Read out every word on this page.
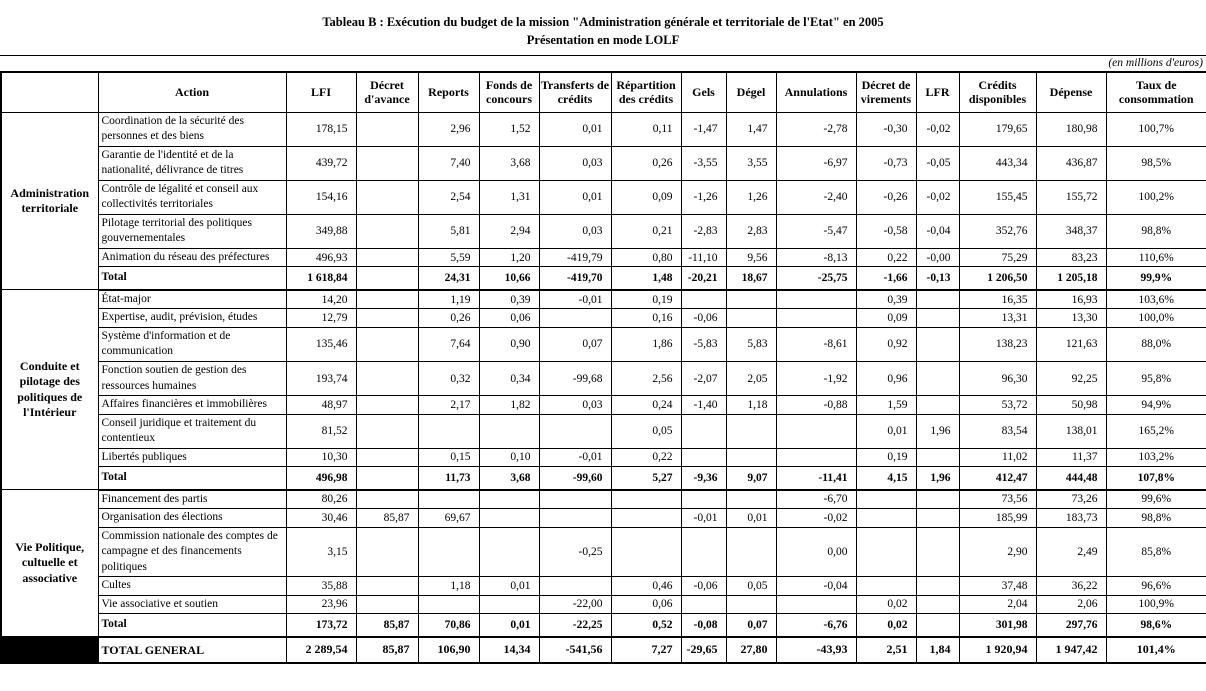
Tableau B : Exécution du budget de la mission "Administration générale et territoriale de l'Etat" en 2005
Présentation en mode LOLF
(en millions d'euros)
	Action	LFI	Décret d'avance	Reports	Fonds de concours	Transferts de crédits	Répartition des crédits	Gels	Dégel	Annulations	Décret de virements	LFR	Crédits disponibles	Dépense	Taux de consommation
Administration territoriale	Coordination de la sécurité des personnes et des biens	178,15		2,96	1,52	0,01	0,11	-1,47	1,47	-2,78	-0,30	-0,02	179,65	180,98	100,7%
	Garantie de l'identité et de la nationalité, délivrance de titres	439,72		7,40	3,68	0,03	0,26	-3,55	3,55	-6,97	-0,73	-0,05	443,34	436,87	98,5%
	Contrôle de légalité et conseil aux collectivités territoriales	154,16		2,54	1,31	0,01	0,09	-1,26	1,26	-2,40	-0,26	-0,02	155,45	155,72	100,2%
	Pilotage territorial des politiques gouvernementales	349,88		5,81	2,94	0,03	0,21	-2,83	2,83	-5,47	-0,58	-0,04	352,76	348,37	98,8%
	Animation du réseau des préfectures	496,93		5,59	1,20	-419,79	0,80	-11,10	9,56	-8,13	0,22	-0,00	75,29	83,23	110,6%
	Total	1 618,84		24,31	10,66	-419,70	1,48	-20,21	18,67	-25,75	-1,66	-0,13	1 206,50	1 205,18	99,9%
Conduite et pilotage des politiques de l'Intérieur	État-major	14,20		1,19	0,39	-0,01	0,19				0,39		16,35	16,93	103,6%
	Expertise, audit, prévision, études	12,79		0,26	0,06		0,16	-0,06			0,09		13,31	13,30	100,0%
	Système d'information et de communication	135,46		7,64	0,90	0,07	1,86	-5,83	5,83	-8,61	0,92		138,23	121,63	88,0%
	Fonction soutien de gestion des ressources humaines	193,74		0,32	0,34	-99,68	2,56	-2,07	2,05	-1,92	0,96		96,30	92,25	95,8%
	Affaires financières et immobilières	48,97		2,17	1,82	0,03	0,24	-1,40	1,18	-0,88	1,59		53,72	50,98	94,9%
	Conseil juridique et traitement du contentieux	81,52					0,05				0,01	1,96	83,54	138,01	165,2%
	Libertés publiques	10,30		0,15	0,10	-0,01	0,22				0,19		11,02	11,37	103,2%
	Total	496,98		11,73	3,68	-99,60	5,27	-9,36	9,07	-11,41	4,15	1,96	412,47	444,48	107,8%
Vie Politique, cultuelle et associative	Financement des partis	80,26								-6,70			73,56	73,26	99,6%
	Organisation des élections	30,46	85,87	69,67				-0,01	0,01	-0,02			185,99	183,73	98,8%
	Commission nationale des comptes de campagne et des financements politiques	3,15				-0,25				0,00			2,90	2,49	85,8%
	Cultes	35,88		1,18	0,01		0,46	-0,06	0,05	-0,04			37,48	36,22	96,6%
	Vie associative et soutien	23,96				-22,00	0,06				0,02		2,04	2,06	100,9%
	Total	173,72	85,87	70,86	0,01	-22,25	0,52	-0,08	0,07	-6,76	0,02		301,98	297,76	98,6%
	TOTAL GENERAL	2 289,54	85,87	106,90	14,34	-541,56	7,27	-29,65	27,80	-43,93	2,51	1,84	1 920,94	1 947,42	101,4%
